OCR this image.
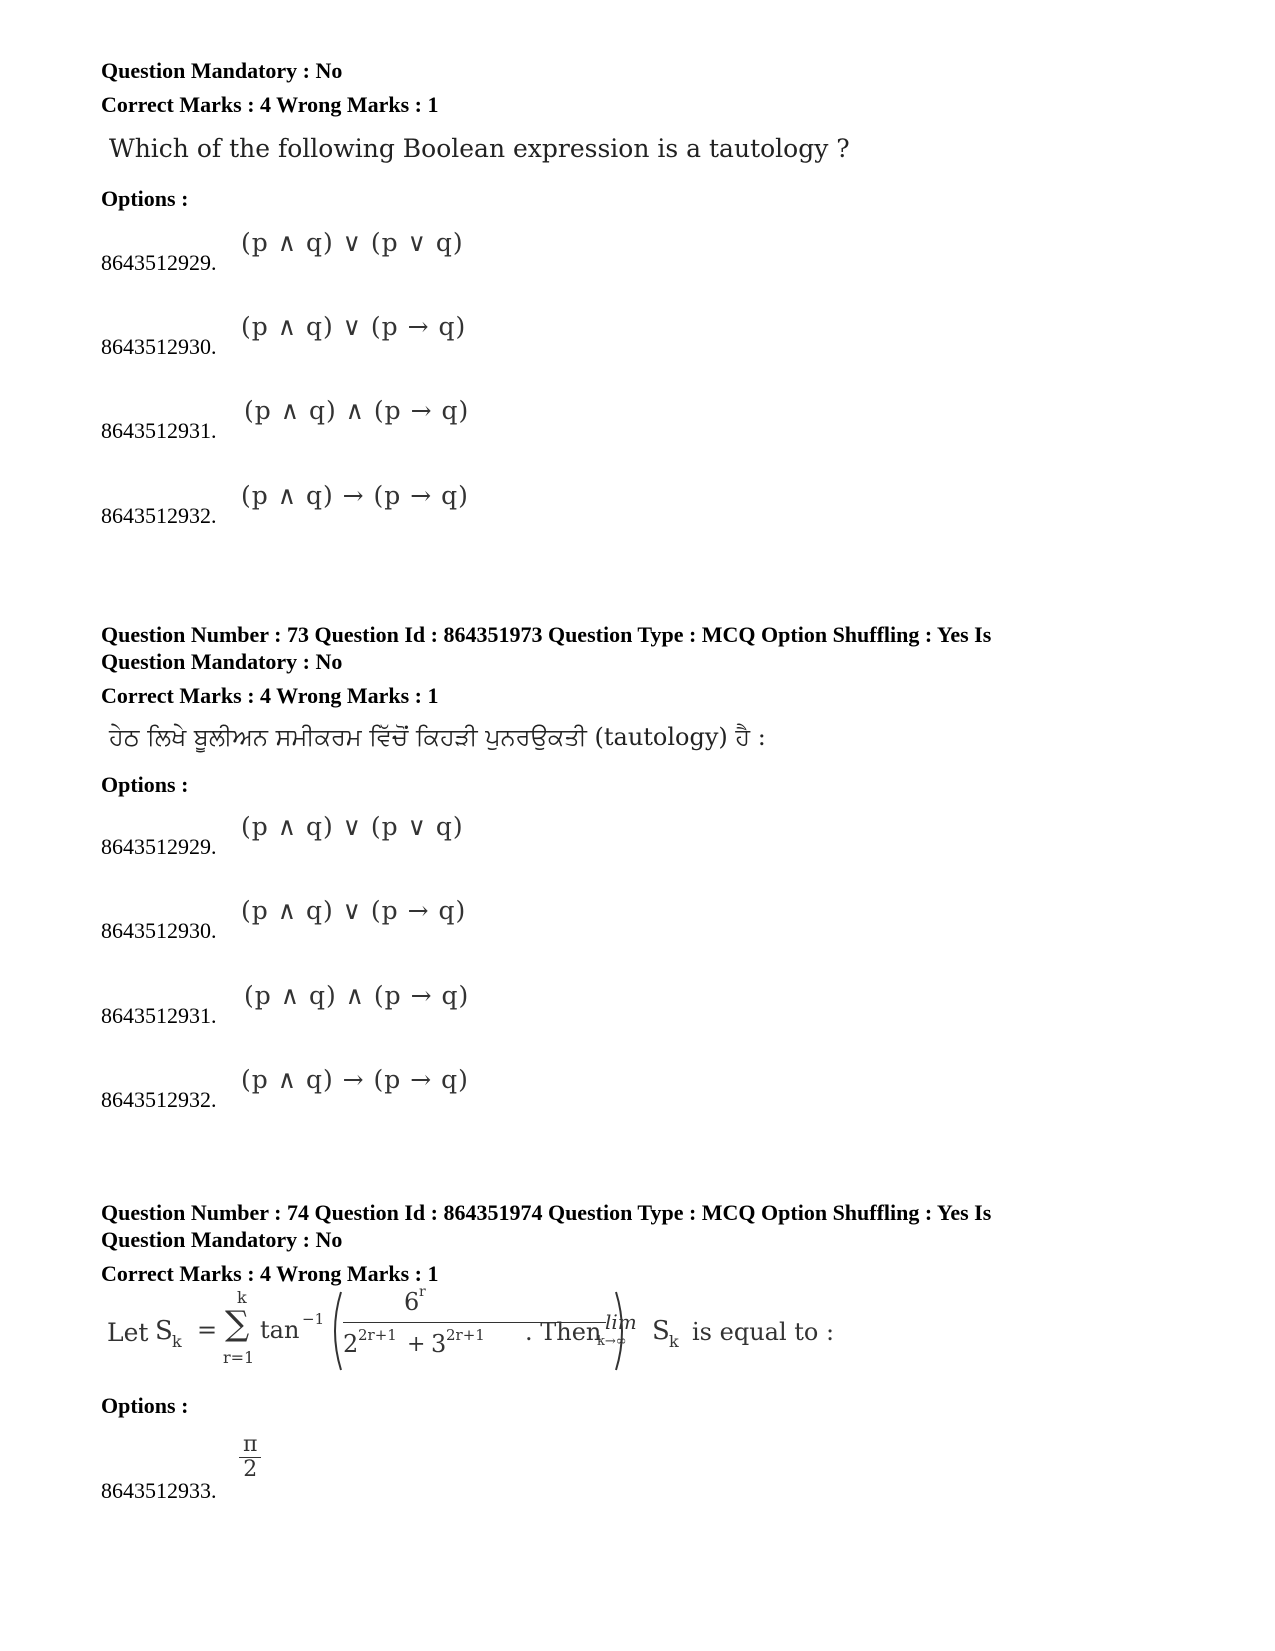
Question Mandatory : No

Correct Marks : 4 Wrong Marks : 1

Which of the following Boolean expression is a tautology ?

Options :

8643512929.
(p ∧ q) ∨ (p ∨ q)
8643512930.
(p ∧ q) ∨ (p → q)
8643512931.
(p ∧ q) ∧ (p → q)
8643512932.
(p ∧ q) → (p → q)

Question Number : 73 Question Id : 864351973 Question Type : MCQ Option Shuffling : Yes Is

Question Mandatory : No

Correct Marks : 4 Wrong Marks : 1

ਹੇਠ ਲਿਖੇ ਬੂਲੀਅਨ ਸਮੀਕਰਮ ਵਿੱਚੋਂ ਕਿਹੜੀ ਪੁਨਰਉਕਤੀ (tautology) ਹੈ :

Options :

8643512929.
(p ∧ q) ∨ (p ∨ q)
8643512930.
(p ∧ q) ∨ (p → q)
8643512931.
(p ∧ q) ∧ (p → q)
8643512932.
(p ∧ q) → (p → q)

Question Number : 74 Question Id : 864351974 Question Type : MCQ Option Shuffling : Yes Is

Question Mandatory : No

Correct Marks : 4 Wrong Marks : 1

Let S k =
k
∑
r=1
tan −1
6 r
2 2r+1 + 3 2r+1 . Then lim
k→∞ S k is equal to :

Options :

8643512933.
$\frac{\pi}{2}$
